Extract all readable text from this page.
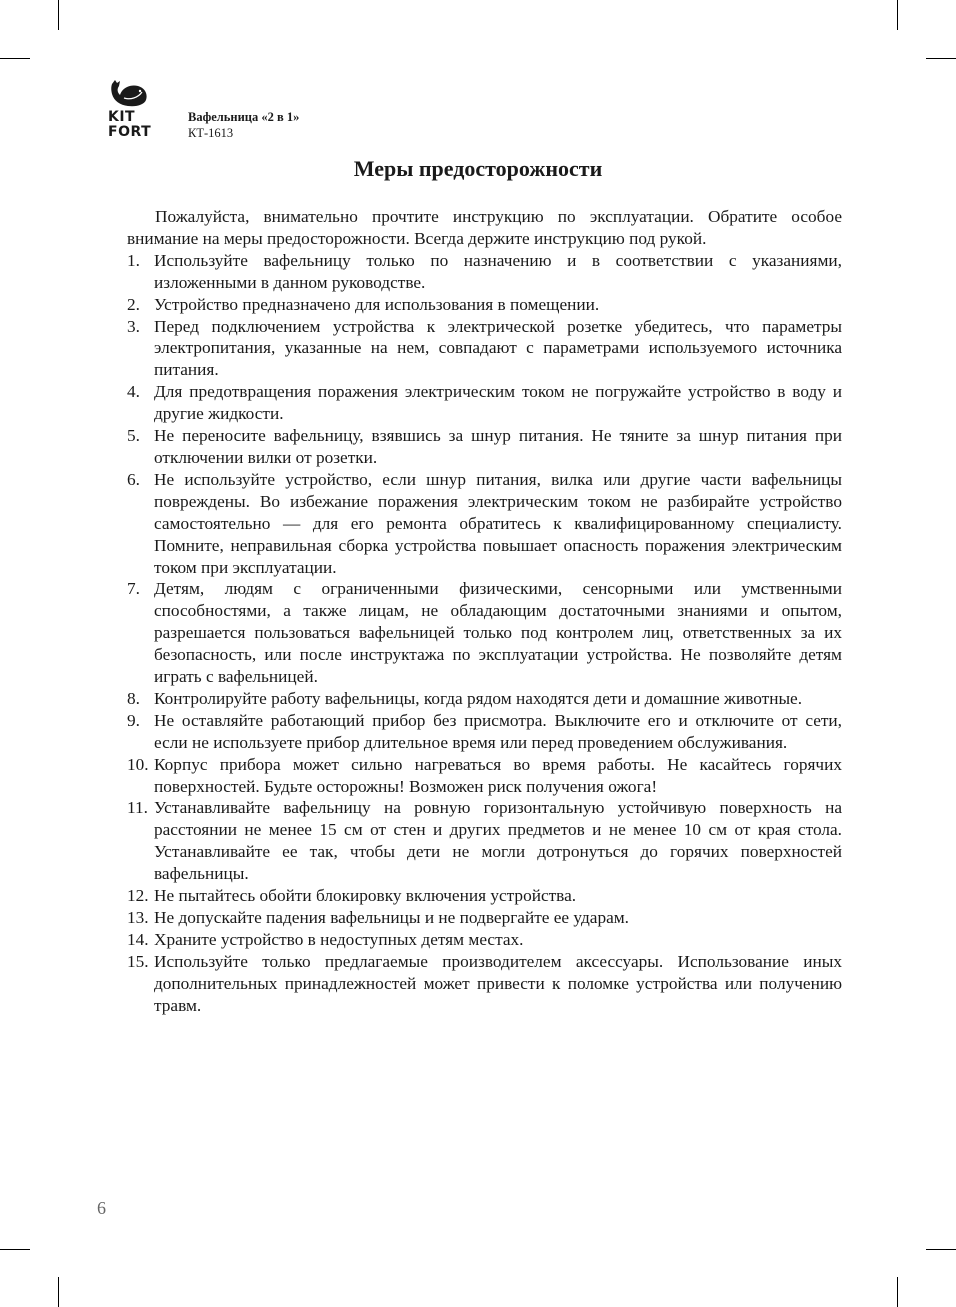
KIT
FORT
Вафельница «2 в 1»
КТ-1613
Меры предосторожности

Пожалуйста, внимательно прочтите инструкцию по эксплуатации. Обратите особое внимание на меры предосторожности. Всегда держите инструкцию под рукой.

1. Используйте вафельницу только по назначению и в соответствии с указаниями, изложенными в данном руководстве.
2. Устройство предназначено для использования в помещении.
3. Перед подключением устройства к электрической розетке убедитесь, что параметры электропитания, указанные на нем, совпадают с параметрами используемого источника питания.
4. Для предотвращения поражения электрическим током не погружайте устройство в воду и другие жидкости.
5. Не переносите вафельницу, взявшись за шнур питания. Не тяните за шнур питания при отключении вилки от розетки.
6. Не используйте устройство, если шнур питания, вилка или другие части вафельницы повреждены. Во избежание поражения электрическим током не разбирайте устройство самостоятельно — для его ремонта обратитесь к квалифицированному специалисту. Помните, неправильная сборка устройства повышает опасность поражения электрическим током при эксплуатации.
7. Детям, людям с ограниченными физическими, сенсорными или умственными способностями, а также лицам, не обладающим достаточными знаниями и опытом, разрешается пользоваться вафельницей только под контролем лиц, ответственных за их безопасность, или после инструктажа по эксплуатации устройства. Не позволяйте детям играть с вафельницей.
8. Контролируйте работу вафельницы, когда рядом находятся дети и домашние животные.
9. Не оставляйте работающий прибор без присмотра. Выключите его и отключите от сети, если не используете прибор длительное время или перед проведением обслуживания.
10. Корпус прибора может сильно нагреваться во время работы. Не касайтесь горячих поверхностей. Будьте осторожны! Возможен риск получения ожога!
11. Устанавливайте вафельницу на ровную горизонтальную устойчивую поверхность на расстоянии не менее 15 см от стен и других предметов и не менее 10 см от края стола. Устанавливайте ее так, чтобы дети не могли дотронуться до горячих поверхностей вафельницы.
12. Не пытайтесь обойти блокировку включения устройства.
13. Не допускайте падения вафельницы и не подвергайте ее ударам.
14. Храните устройство в недоступных детям местах.
15. Используйте только предлагаемые производителем аксессуары. Использование иных дополнительных принадлежностей может привести к поломке устройства или получению травм.
6
